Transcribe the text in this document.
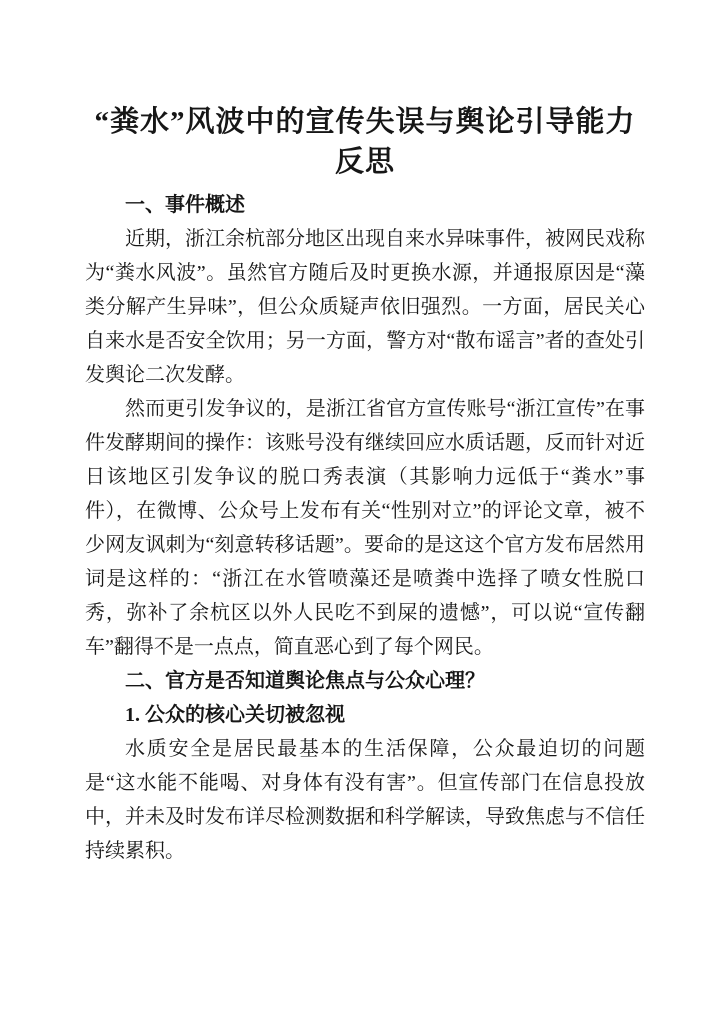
“粪水”风波中的宣传失误与舆论引导能力反思
一、事件概述

近期，浙江余杭部分地区出现自来水异味事件，被网民戏称为“粪水风波”。虽然官方随后及时更换水源，并通报原因是“藻类分解产生异味”，但公众质疑声依旧强烈。一方面，居民关心自来水是否安全饮用；另一方面，警方对“散布谣言”者的查处引发舆论二次发酵。

然而更引发争议的，是浙江省官方宣传账号“浙江宣传”在事件发酵期间的操作：该账号没有继续回应水质话题，反而针对近日该地区引发争议的脱口秀表演（其影响力远低于“粪水”事件），在微博、公众号上发布有关“性别对立”的评论文章，被不少网友讽刺为“刻意转移话题”。要命的是这这个官方发布居然用词是这样的：“浙江在水管喷藻还是喷粪中选择了喷女性脱口秀，弥补了余杭区以外人民吃不到屎的遗憾”，可以说“宣传翻车”翻得不是一点点，简直恶心到了每个网民。

二、官方是否知道舆论焦点与公众心理？
1. 公众的核心关切被忽视

水质安全是居民最基本的生活保障，公众最迫切的问题是“这水能不能喝、对身体有没有害”。但宣传部门在信息投放中，并未及时发布详尽检测数据和科学解读，导致焦虑与不信任持续累积。
